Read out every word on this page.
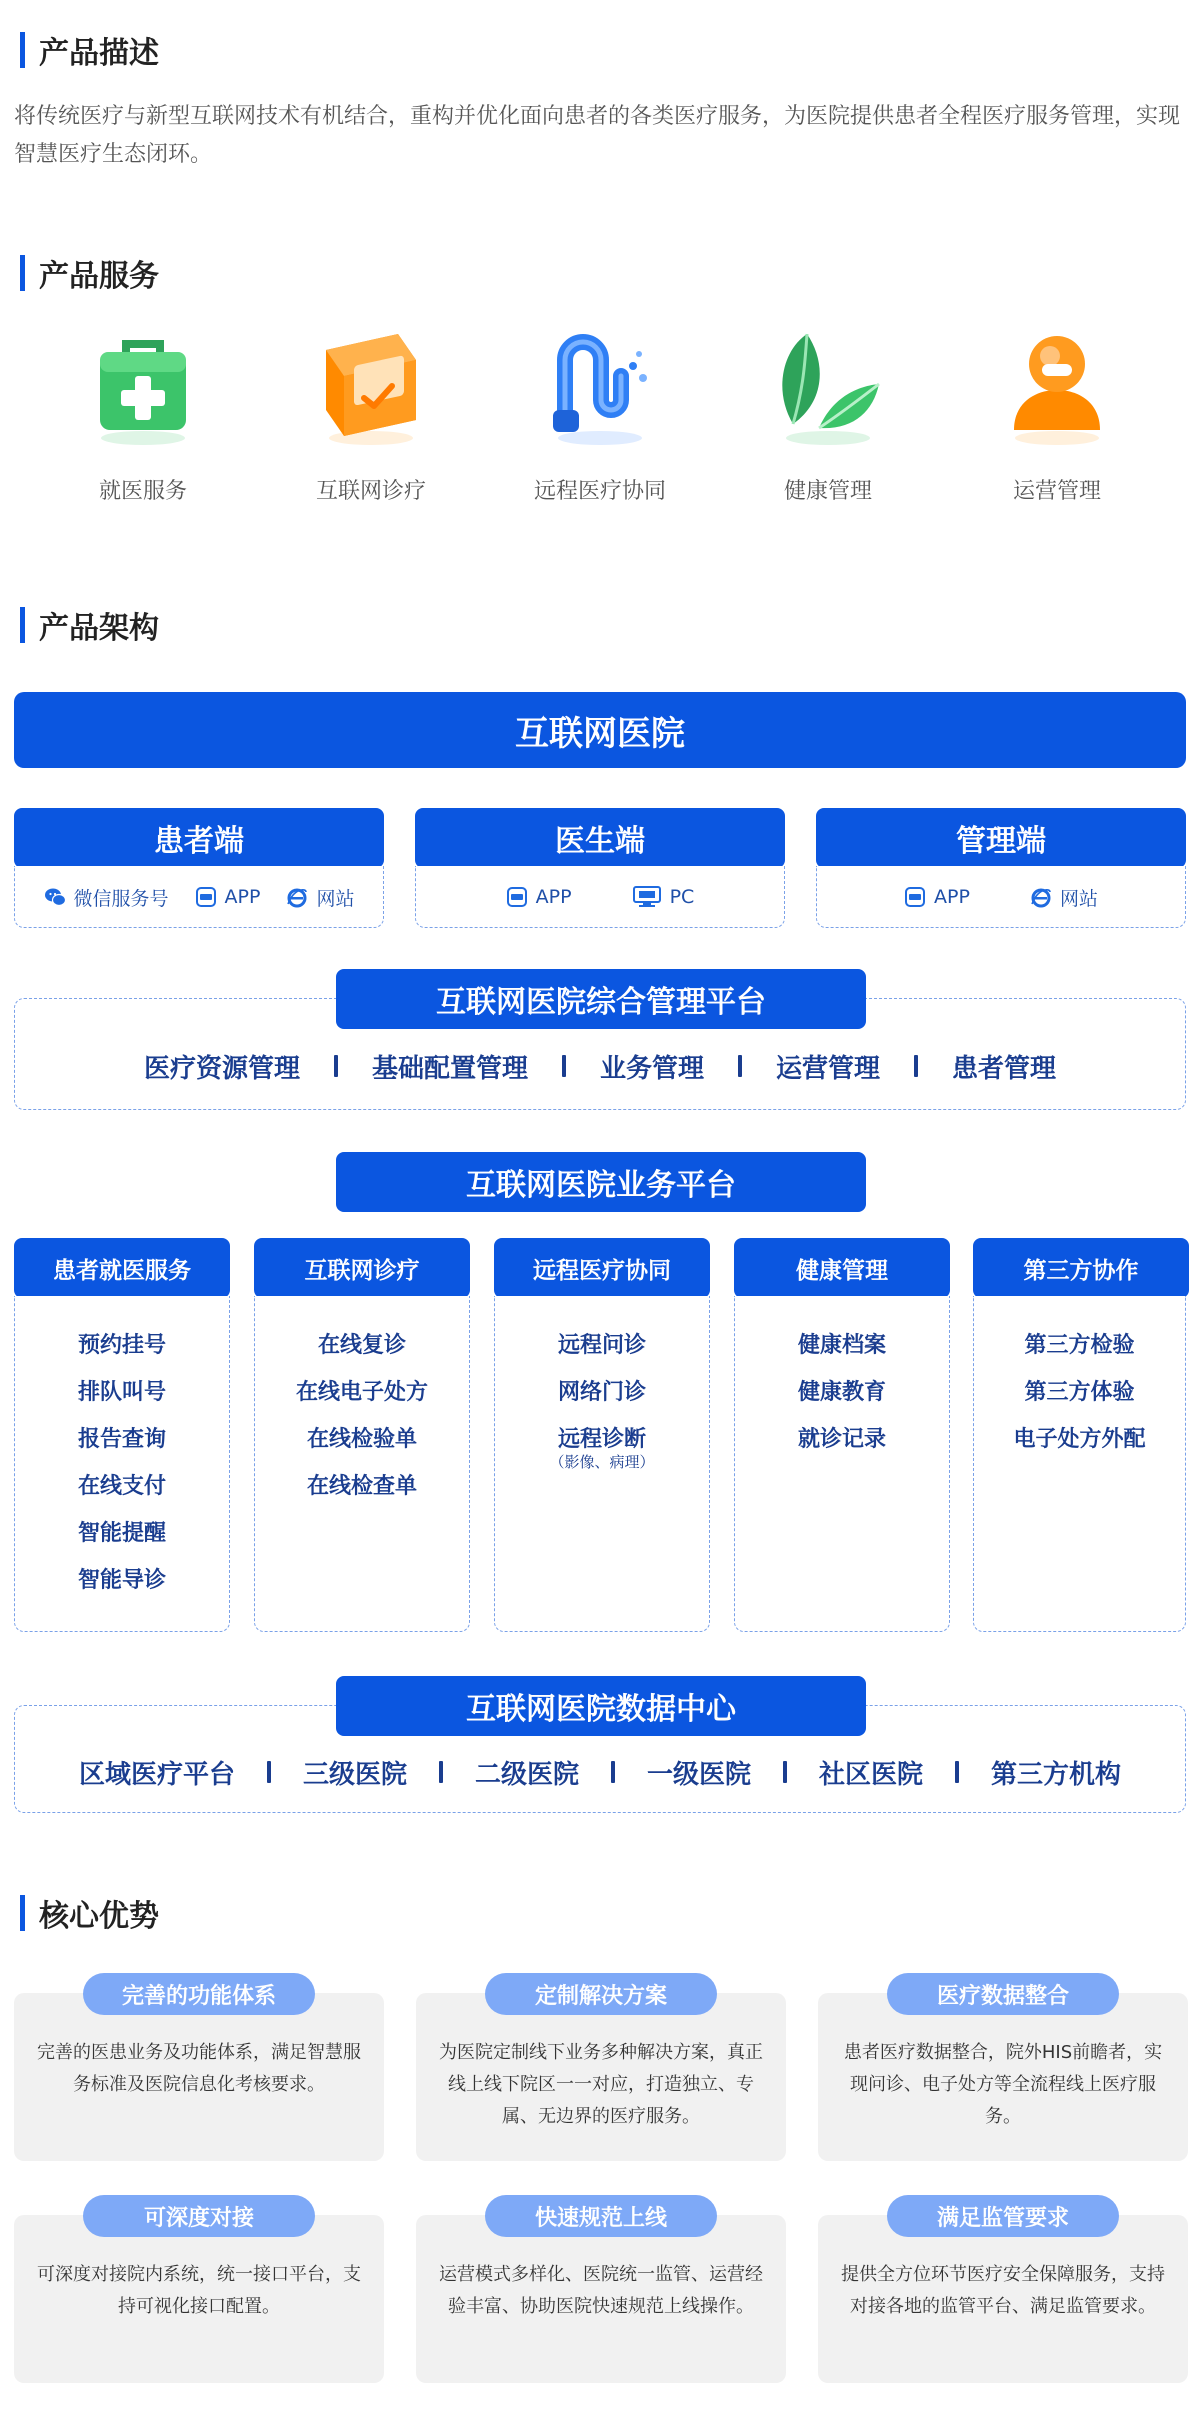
产品描述

将传统医疗与新型互联网技术有机结合，重构并优化面向患者的各类医疗服务，为医院提供患者全程医疗服务管理，实现智慧医疗生态闭环。

产品服务
就医服务	互联网诊疗	远程医疗协同	健康管理	运营管理
产品架构
互联网医院
患者端
微信服务号	APP	网站
医生端
APP	PC
管理端
APP	网站
互联网医院综合管理平台
医疗资源管理	基础配置管理	业务管理	运营管理	患者管理
互联网医院业务平台
患者就医服务
预约挂号
排队叫号
报告查询
在线支付
智能提醒
智能导诊
互联网诊疗
在线复诊
在线电子处方
在线检验单
在线检查单
远程医疗协同
远程问诊
网络门诊
远程诊断
（影像、病理）
健康管理
健康档案
健康教育
就诊记录
第三方协作
第三方检验
第三方体验
电子处方外配
互联网医院数据中心
区域医疗平台	三级医院	二级医院	一级医院	社区医院	第三方机构
核心优势
完善的功能体系
完善的医患业务及功能体系，满足智慧服务标准及医院信息化考核要求。
定制解决方案
为医院定制线下业务多种解决方案，真正线上线下院区一一对应，打造独立、专属、无边界的医疗服务。
医疗数据整合
患者医疗数据整合，院外HIS前瞻者，实现问诊、电子处方等全流程线上医疗服务。
可深度对接
可深度对接院内系统，统一接口平台，支持可视化接口配置。
快速规范上线
运营模式多样化、医院统一监管、运营经验丰富、协助医院快速规范上线操作。
满足监管要求
提供全方位环节医疗安全保障服务，支持对接各地的监管平台、满足监管要求。
